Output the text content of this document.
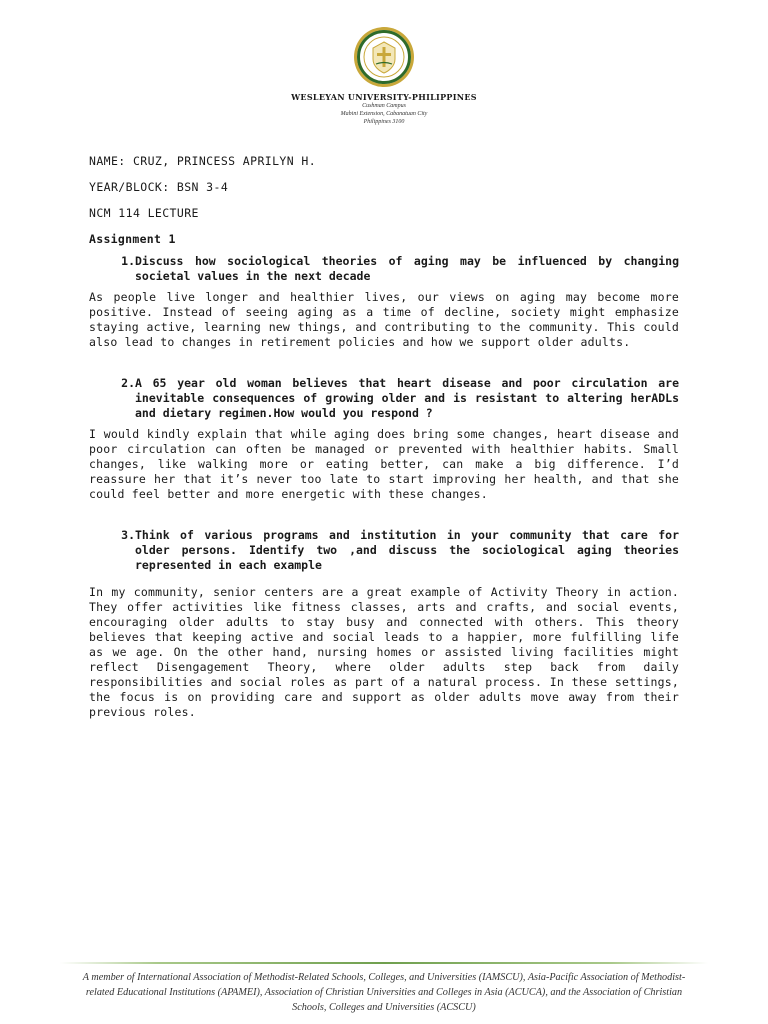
WESLEYAN UNIVERSITY-PHILIPPINES
Cushman Campus
Mabini Extension, Cabanatuan City
Philippines 3100

NAME: CRUZ, PRINCESS APRILYN H.

YEAR/BLOCK: BSN 3-4

NCM 114 LECTURE

Assignment 1

1. Discuss how sociological theories of aging may be influenced by changing societal values in the next decade

As people live longer and healthier lives, our views on aging may become more positive. Instead of seeing aging as a time of decline, society might emphasize staying active, learning new things, and contributing to the community. This could also lead to changes in retirement policies and how we support older adults.

2. A 65 year old woman believes that heart disease and poor circulation are inevitable consequences of growing older and is resistant to altering herADLs and dietary regimen.How would you respond ?

I would kindly explain that while aging does bring some changes, heart disease and poor circulation can often be managed or prevented with healthier habits. Small changes, like walking more or eating better, can make a big difference. I’d reassure her that it’s never too late to start improving her health, and that she could feel better and more energetic with these changes.

3. Think of various programs and institution in your community that care for older persons. Identify two ,and discuss the sociological aging theories represented in each example

In my community, senior centers are a great example of Activity Theory in action. They offer activities like fitness classes, arts and crafts, and social events, encouraging older adults to stay busy and connected with others. This theory believes that keeping active and social leads to a happier, more fulfilling life as we age. On the other hand, nursing homes or assisted living facilities might reflect Disengagement Theory, where older adults step back from daily responsibilities and social roles as part of a natural process. In these settings, the focus is on providing care and support as older adults move away from their previous roles.

A member of International Association of Methodist-Related Schools, Colleges, and Universities (IAMSCU), Asia-Pacific Association of Methodist-related Educational Institutions (APAMEI), Association of Christian Universities and Colleges in Asia (ACUCA), and the Association of Christian Schools, Colleges and Universities (ACSCU)
